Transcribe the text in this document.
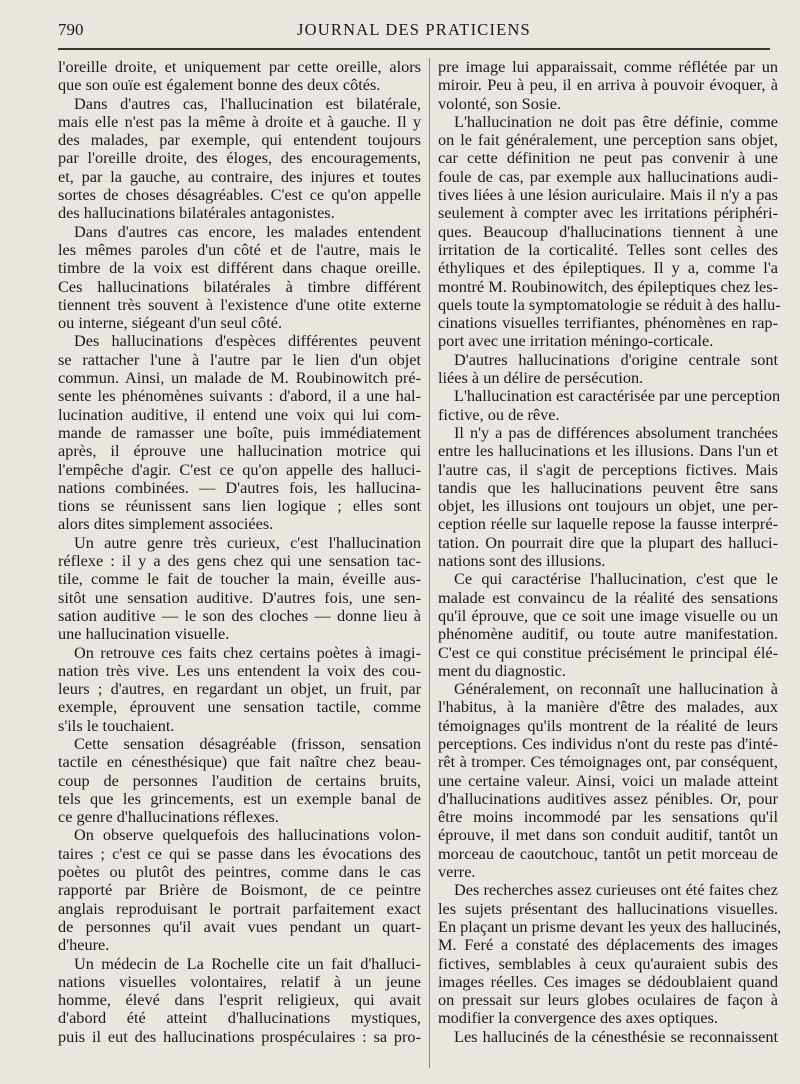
790	JOURNAL DES PRATICIENS
l'oreille droite, et uniquement par cette oreille, alors
que son ouïe est également bonne des deux côtés.
Dans d'autres cas, l'hallucination est bilatérale,
mais elle n'est pas la même à droite et à gauche. Il y
des malades, par exemple, qui entendent toujours
par l'oreille droite, des éloges, des encouragements,
et, par la gauche, au contraire, des injures et toutes
sortes de choses désagréables. C'est ce qu'on appelle
des hallucinations bilatérales antagonistes.
Dans d'autres cas encore, les malades entendent
les mêmes paroles d'un côté et de l'autre, mais le
timbre de la voix est différent dans chaque oreille.
Ces hallucinations bilatérales à timbre différent
tiennent très souvent à l'existence d'une otite externe
ou interne, siégeant d'un seul côté.
Des hallucinations d'espèces différentes peuvent
se rattacher l'une à l'autre par le lien d'un objet
commun. Ainsi, un malade de M. Roubinowitch pré-
sente les phénomènes suivants : d'abord, il a une hal-
lucination auditive, il entend une voix qui lui com-
mande de ramasser une boîte, puis immédiatement
après, il éprouve une hallucination motrice qui
l'empêche d'agir. C'est ce qu'on appelle des halluci-
nations combinées. — D'autres fois, les hallucina-
tions se réunissent sans lien logique ; elles sont
alors dites simplement associées.
Un autre genre très curieux, c'est l'hallucination
réflexe : il y a des gens chez qui une sensation tac-
tile, comme le fait de toucher la main, éveille aus-
sitôt une sensation auditive. D'autres fois, une sen-
sation auditive — le son des cloches — donne lieu à
une hallucination visuelle.
On retrouve ces faits chez certains poètes à imagi-
nation très vive. Les uns entendent la voix des cou-
leurs ; d'autres, en regardant un objet, un fruit, par
exemple, éprouvent une sensation tactile, comme
s'ils le touchaient.
Cette sensation désagréable (frisson, sensation
tactile en cénesthésique) que fait naître chez beau-
coup de personnes l'audition de certains bruits,
tels que les grincements, est un exemple banal de
ce genre d'hallucinations réflexes.
On observe quelquefois des hallucinations volon-
taires ; c'est ce qui se passe dans les évocations des
poètes ou plutôt des peintres, comme dans le cas
rapporté par Brière de Boismont, de ce peintre
anglais reproduisant le portrait parfaitement exact
de personnes qu'il avait vues pendant un quart-
d'heure.
Un médecin de La Rochelle cite un fait d'halluci-
nations visuelles volontaires, relatif à un jeune
homme, élevé dans l'esprit religieux, qui avait
d'abord été atteint d'hallucinations mystiques,
puis il eut des hallucinations prospéculaires : sa pro-
pre image lui apparaissait, comme réflétée par un
miroir. Peu à peu, il en arriva à pouvoir évoquer, à
volonté, son Sosie.
L'hallucination ne doit pas être définie, comme
on le fait généralement, une perception sans objet,
car cette définition ne peut pas convenir à une
foule de cas, par exemple aux hallucinations audi-
tives liées à une lésion auriculaire. Mais il n'y a pas
seulement à compter avec les irritations périphéri-
ques. Beaucoup d'hallucinations tiennent à une
irritation de la corticalité. Telles sont celles des
éthyliques et des épileptiques. Il y a, comme l'a
montré M. Roubinowitch, des épileptiques chez les-
quels toute la symptomatologie se réduit à des hallu-
cinations visuelles terrifiantes, phénomènes en rap-
port avec une irritation méningo-corticale.
D'autres hallucinations d'origine centrale sont
liées à un délire de persécution.
L'hallucination est caractérisée par une perception
fictive, ou de rêve.
Il n'y a pas de différences absolument tranchées
entre les hallucinations et les illusions. Dans l'un et
l'autre cas, il s'agit de perceptions fictives. Mais
tandis que les hallucinations peuvent être sans
objet, les illusions ont toujours un objet, une per-
ception réelle sur laquelle repose la fausse interpré-
tation. On pourrait dire que la plupart des halluci-
nations sont des illusions.
Ce qui caractérise l'hallucination, c'est que le
malade est convaincu de la réalité des sensations
qu'il éprouve, que ce soit une image visuelle ou un
phénomène auditif, ou toute autre manifestation.
C'est ce qui constitue précisément le principal élé-
ment du diagnostic.
Généralement, on reconnaît une hallucination à
l'habitus, à la manière d'être des malades, aux
témoignages qu'ils montrent de la réalité de leurs
perceptions. Ces individus n'ont du reste pas d'inté-
rêt à tromper. Ces témoignages ont, par conséquent,
une certaine valeur. Ainsi, voici un malade atteint
d'hallucinations auditives assez pénibles. Or, pour
être moins incommodé par les sensations qu'il
éprouve, il met dans son conduit auditif, tantôt un
morceau de caoutchouc, tantôt un petit morceau de
verre.
Des recherches assez curieuses ont été faites chez
les sujets présentant des hallucinations visuelles.
En plaçant un prisme devant les yeux des hallucinés,
M. Feré a constaté des déplacements des images
fictives, semblables à ceux qu'auraient subis des
images réelles. Ces images se dédoublaient quand
on pressait sur leurs globes oculaires de façon à
modifier la convergence des axes optiques.
Les hallucinés de la cénesthésie se reconnaissent
